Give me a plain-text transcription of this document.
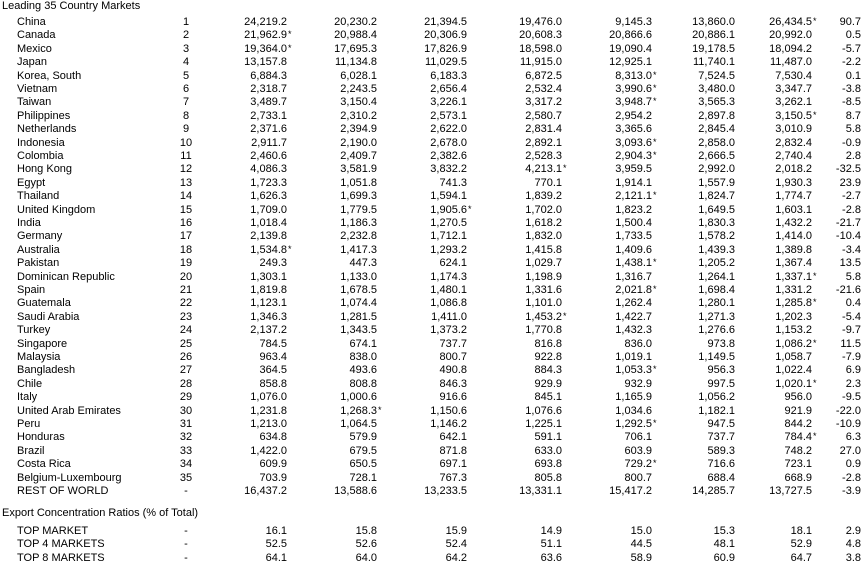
Leading 35 Country Markets
China .....	1	24,219.2	20,230.2	21,394.5	19,476.0	9,145.3	13,860.0	26,434.5	90.7
*
Canada .....	2	21,962.9	20,988.4	20,306.9	20,608.3	20,866.6	20,886.1	20,992.0	0.5
*
Mexico .....	3	19,364.0	17,695.3	17,826.9	18,598.0	19,090.4	19,178.5	18,094.2	-5.7
*
Japan .....	4	13,157.8	11,134.8	11,029.5	11,915.0	12,925.1	11,740.1	11,487.0	-2.2
Korea, South .....	5	6,884.3	6,028.1	6,183.3	6,872.5	8,313.0	7,524.5	7,530.4	0.1
*
Vietnam .....	6	2,318.7	2,243.5	2,656.4	2,532.4	3,990.6	3,480.0	3,347.7	-3.8
*
Taiwan .....	7	3,489.7	3,150.4	3,226.1	3,317.2	3,948.7	3,565.3	3,262.1	-8.5
*
Philippines .....	8	2,733.1	2,310.2	2,573.1	2,580.7	2,954.2	2,897.8	3,150.5	8.7
*
Netherlands .....	9	2,371.6	2,394.9	2,622.0	2,831.4	3,365.6	2,845.4	3,010.9	5.8
Indonesia .....	10	2,911.7	2,190.0	2,678.0	2,892.1	3,093.6	2,858.0	2,832.4	-0.9
*
Colombia .....	11	2,460.6	2,409.7	2,382.6	2,528.3	2,904.3	2,666.5	2,740.4	2.8
*
Hong Kong .....	12	4,086.3	3,581.9	3,832.2	4,213.1	3,959.5	2,992.0	2,018.2	-32.5
*
Egypt .....	13	1,723.3	1,051.8	741.3	770.1	1,914.1	1,557.9	1,930.3	23.9
Thailand .....	14	1,626.3	1,699.3	1,594.1	1,839.2	2,121.1	1,824.7	1,774.7	-2.7
*
United Kingdom .....	15	1,709.0	1,779.5	1,905.6	1,702.0	1,823.2	1,649.5	1,603.1	-2.8
*
India .....	16	1,018.4	1,186.3	1,270.5	1,618.2	1,500.4	1,830.3	1,432.2	-21.7
Germany .....	17	2,139.8	2,232.8	1,712.1	1,832.0	1,733.5	1,578.2	1,414.0	-10.4
Australia .....	18	1,534.8	1,417.3	1,293.2	1,415.8	1,409.6	1,439.3	1,389.8	-3.4
*
Pakistan .....	19	249.3	447.3	624.1	1,029.7	1,438.1	1,205.2	1,367.4	13.5
*
Dominican Republic .....	20	1,303.1	1,133.0	1,174.3	1,198.9	1,316.7	1,264.1	1,337.1	5.8
*
Spain .....	21	1,819.8	1,678.5	1,480.1	1,331.6	2,021.8	1,698.4	1,331.2	-21.6
*
Guatemala .....	22	1,123.1	1,074.4	1,086.8	1,101.0	1,262.4	1,280.1	1,285.8	0.4
*
Saudi Arabia .....	23	1,346.3	1,281.5	1,411.0	1,453.2	1,422.7	1,271.3	1,202.3	-5.4
*
Turkey .....	24	2,137.2	1,343.5	1,373.2	1,770.8	1,432.3	1,276.6	1,153.2	-9.7
Singapore .....	25	784.5	674.1	737.7	816.8	836.0	973.8	1,086.2	11.5
*
Malaysia .....	26	963.4	838.0	800.7	922.8	1,019.1	1,149.5	1,058.7	-7.9
Bangladesh .....	27	364.5	493.6	490.8	884.3	1,053.3	956.3	1,022.4	6.9
*
Chile .....	28	858.8	808.8	846.3	929.9	932.9	997.5	1,020.1	2.3
*
Italy .....	29	1,076.0	1,000.6	916.6	845.1	1,165.9	1,056.2	956.0	-9.5
United Arab Emirates .....	30	1,231.8	1,268.3	1,150.6	1,076.6	1,034.6	1,182.1	921.9	-22.0
*
Peru .....	31	1,213.0	1,064.5	1,146.2	1,225.1	1,292.5	947.5	844.2	-10.9
*
Honduras .....	32	634.8	579.9	642.1	591.1	706.1	737.7	784.4	6.3
*
Brazil .....	33	1,422.0	679.5	871.8	633.0	603.9	589.3	748.2	27.0
Costa Rica .....	34	609.9	650.5	697.1	693.8	729.2	716.6	723.1	0.9
*
Belgium-Luxembourg .....	35	703.9	728.1	767.3	805.8	800.7	688.4	668.9	-2.8
REST OF WORLD .....	-	16,437.2	13,588.6	13,233.5	13,331.1	15,417.2	14,285.7	13,727.5	-3.9
Export Concentration Ratios (% of Total)
TOP MARKET .....	-	16.1	15.8	15.9	14.9	15.0	15.3	18.1	2.9
TOP 4 MARKETS .....	-	52.5	52.6	52.4	51.1	44.5	48.1	52.9	4.8
TOP 8 MARKETS .....	-	64.1	64.0	64.2	63.6	58.9	60.9	64.7	3.8
